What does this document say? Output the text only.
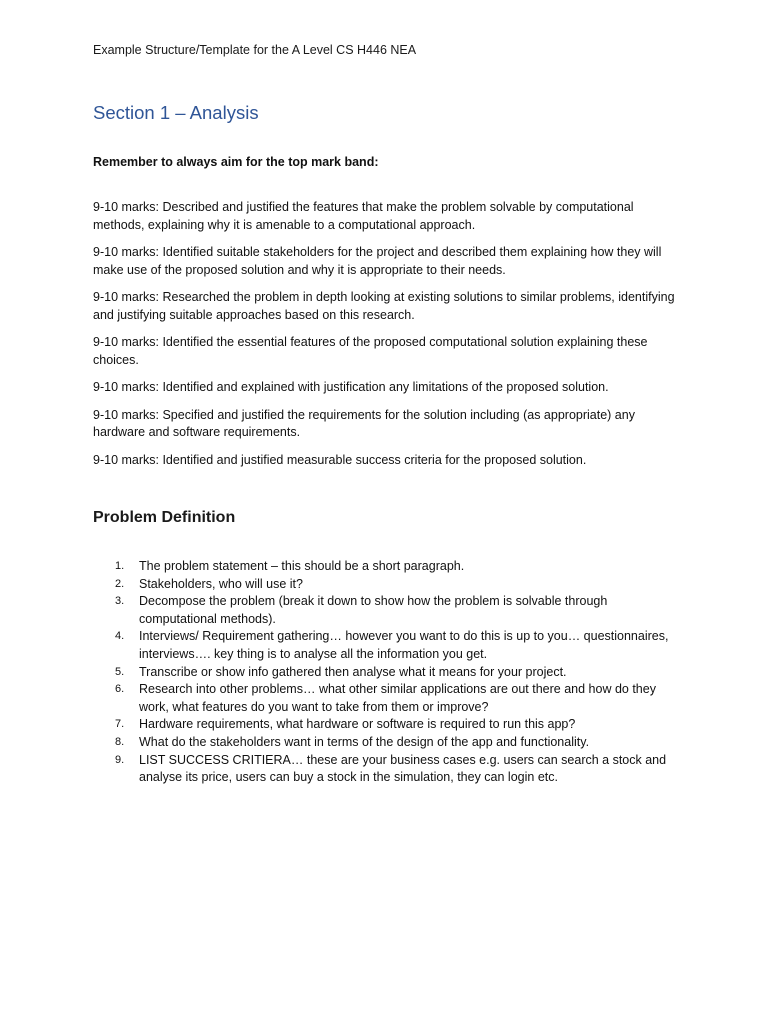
Example Structure/Template for the A Level CS H446 NEA
Section 1 – Analysis
Remember to always aim for the top mark band:
9-10 marks: Described and justified the features that make the problem solvable by computational methods, explaining why it is amenable to a computational approach.
9-10 marks: Identified suitable stakeholders for the project and described them explaining how they will make use of the proposed solution and why it is appropriate to their needs.
9-10 marks: Researched the problem in depth looking at existing solutions to similar problems, identifying and justifying suitable approaches based on this research.
9-10 marks: Identified the essential features of the proposed computational solution explaining these choices.
9-10 marks: Identified and explained with justification any limitations of the proposed solution.
9-10 marks: Specified and justified the requirements for the solution including (as appropriate) any hardware and software requirements.
9-10 marks: Identified and justified measurable success criteria for the proposed solution.
Problem Definition
1. The problem statement – this should be a short paragraph.
2. Stakeholders, who will use it?
3. Decompose the problem (break it down to show how the problem is solvable through computational methods).
4. Interviews/ Requirement gathering… however you want to do this is up to you… questionnaires, interviews…. key thing is to analyse all the information you get.
5. Transcribe or show info gathered then analyse what it means for your project.
6. Research into other problems… what other similar applications are out there and how do they work, what features do you want to take from them or improve?
7. Hardware requirements, what hardware or software is required to run this app?
8. What do the stakeholders want in terms of the design of the app and functionality.
9. LIST SUCCESS CRITIERA… these are your business cases e.g. users can search a stock and analyse its price, users can buy a stock in the simulation, they can login etc.
